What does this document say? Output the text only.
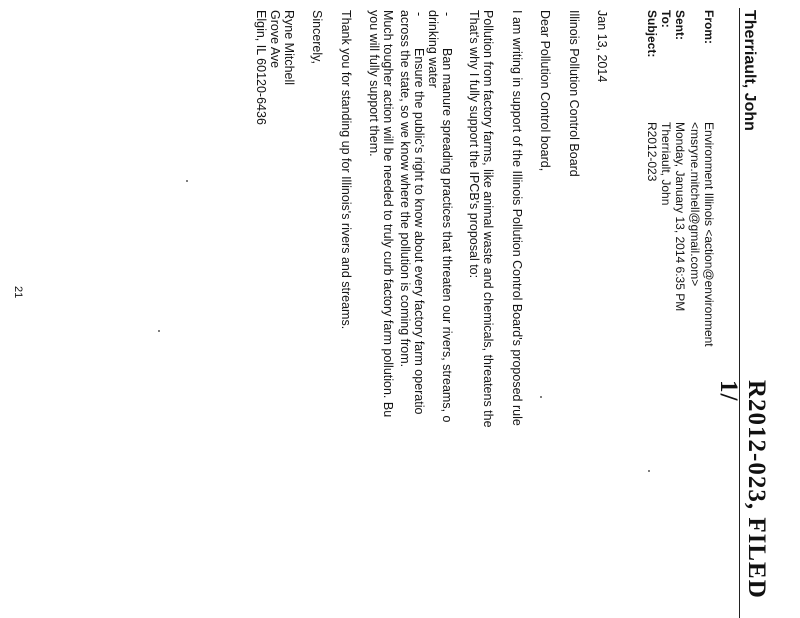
R2012-023, FILED 1/
Therriault, John
From:
Environment Illinois <action@environment
<msryne.mitchell@gmail.com>
Sent:
Monday, January 13, 2014 6:35 PM
To:
Therriault, John
Subject:
R2012-023
Jan 13, 2014
Illinois Pollution Control Board
Dear Pollution Control board,
I am writing in support of the Illinois Pollution Control Board's proposed rule
Pollution from factory farms, like animal waste and chemicals, threatens the
That's why I fully support the IPCB's proposal to:
-
Ban manure spreading practices that threaten our rivers, streams, o
drinking water
-
Ensure the public's right to know about every factory farm operatio
across the state, so we know where the pollution is coming from.
Much tougher action will be needed to truly curb factory farm pollution. Bu
you will fully support them.
Thank you for standing up for Illinois's rivers and streams.
Sincerely,
Ryne Mitchell
Grove Ave
Elgin, IL 60120-6436
21
